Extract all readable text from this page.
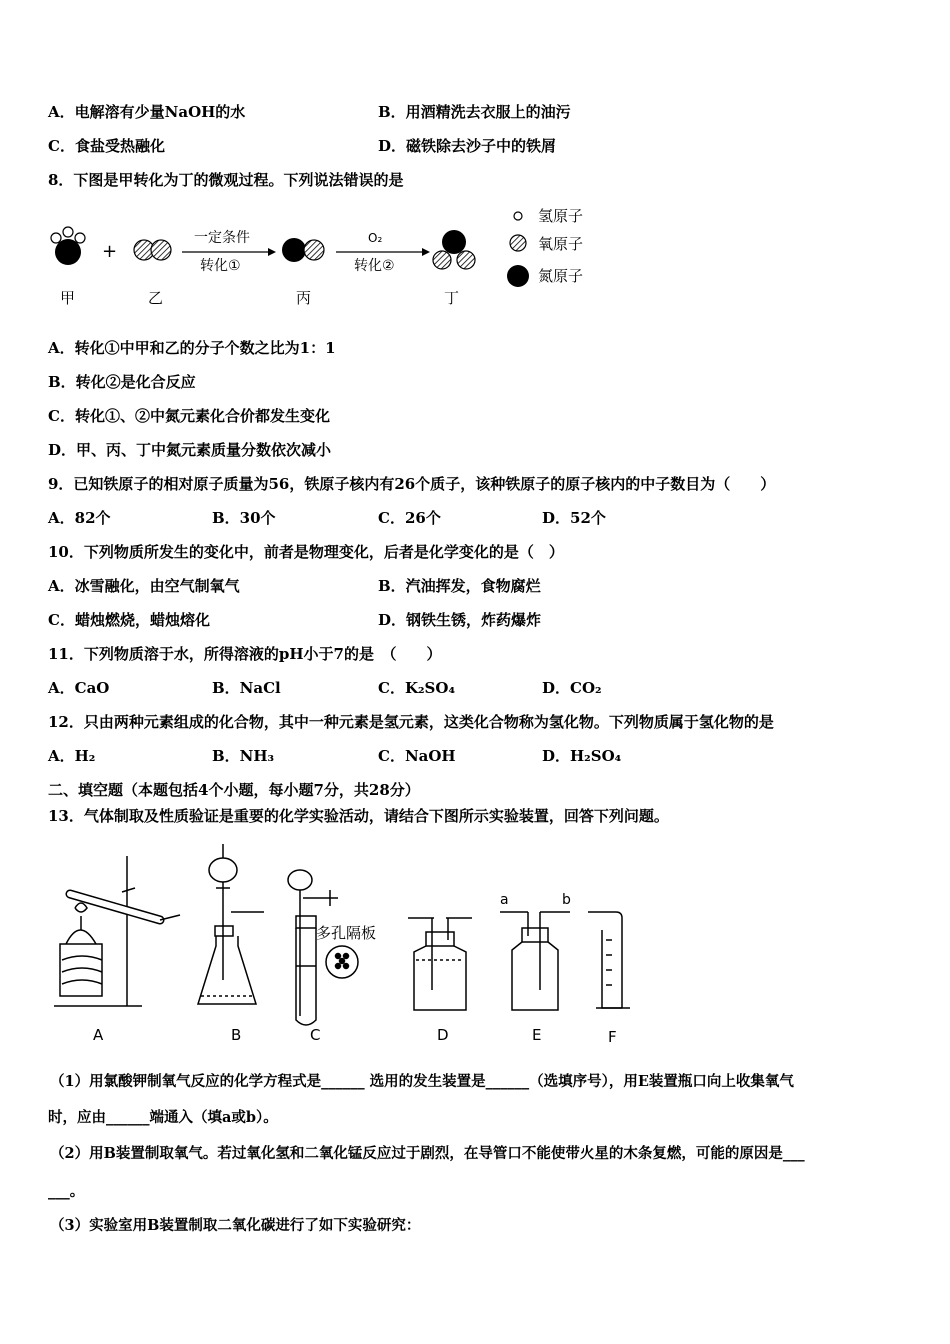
A．电解溶有少量NaOH的水	B．用酒精洗去衣服上的油污
C．食盐受热融化	D．磁铁除去沙子中的铁屑
8．下图是甲转化为丁的微观过程。下列说法错误的是
+
一定条件
转化①
O₂
转化②
氢原子
氧原子
氮原子
甲	乙	丙	丁
A．转化①中甲和乙的分子个数之比为1：1
B．转化②是化合反应
C．转化①、②中氮元素化合价都发生变化
D．甲、丙、丁中氮元素质量分数依次减小
9．已知铁原子的相对原子质量为56，铁原子核内有26个质子，该种铁原子的原子核内的中子数目为（　　）
A．82个	B．30个	C．26个	D．52个
10．下列物质所发生的变化中，前者是物理变化，后者是化学变化的是（　）
A．冰雪融化，由空气制氧气	B．汽油挥发，食物腐烂
C．蜡烛燃烧，蜡烛熔化	D．钢铁生锈，炸药爆炸
11．下列物质溶于水，所得溶液的pH小于7的是　（　　）
A．CaO	B．NaCl	C．K₂SO₄	D．CO₂
12．只由两种元素组成的化合物，其中一种元素是氢元素，这类化合物称为氢化物。下列物质属于氢化物的是
A．H₂	B．NH₃	C．NaOH	D．H₂SO₄
二、填空题（本题包括4个小题，每小题7分，共28分）
13．气体制取及性质验证是重要的化学实验活动，请结合下图所示实验装置，回答下列问题。
多孔隔板
a	b
A	B	C	D	E	F
（1）用氯酸钾制氧气反应的化学方程式是______ 选用的发生装置是______（选填序号），用E装置瓶口向上收集氧气
时，应由______端通入（填a或b）。
（2）用B装置制取氧气。若过氧化氢和二氧化锰反应过于剧烈，在导管口不能使带火星的木条复燃，可能的原因是___
___。
（3）实验室用B装置制取二氧化碳进行了如下实验研究：
